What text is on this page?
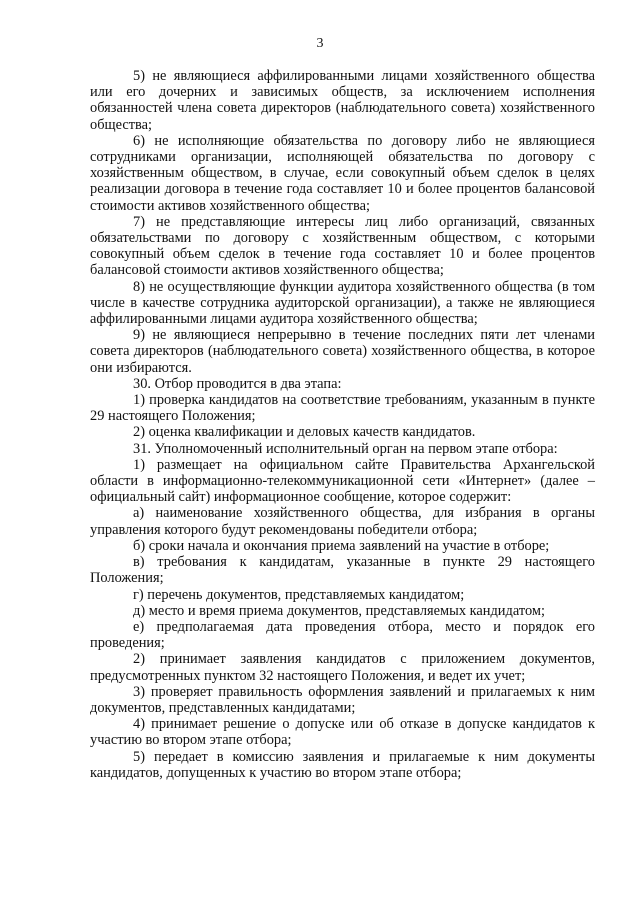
3

5) не являющиеся аффилированными лицами хозяйственного общества или его дочерних и зависимых обществ, за исключением исполнения обязанностей члена совета директоров (наблюдательного совета) хозяйственного общества;

6) не исполняющие обязательства по договору либо не являющиеся сотрудниками организации, исполняющей обязательства по договору с хозяйственным обществом, в случае, если совокупный объем сделок в целях реализации договора в течение года составляет 10 и более процентов балансовой стоимости активов хозяйственного общества;

7) не представляющие интересы лиц либо организаций, связанных обязательствами по договору с хозяйственным обществом, с которыми совокупный объем сделок в течение года составляет 10 и более процентов балансовой стоимости активов хозяйственного общества;

8) не осуществляющие функции аудитора хозяйственного общества (в том числе в качестве сотрудника аудиторской организации), а также не являющиеся аффилированными лицами аудитора хозяйственного общества;

9) не являющиеся непрерывно в течение последних пяти лет членами совета директоров (наблюдательного совета) хозяйственного общества, в которое они избираются.

30. Отбор проводится в два этапа:

1) проверка кандидатов на соответствие требованиям, указанным в пункте 29 настоящего Положения;

2) оценка квалификации и деловых качеств кандидатов.

31. Уполномоченный исполнительный орган на первом этапе отбора:

1) размещает на официальном сайте Правительства Архангельской области в информационно-телекоммуникационной сети «Интернет» (далее – официальный сайт) информационное сообщение, которое содержит:

а) наименование хозяйственного общества, для избрания в органы управления которого будут рекомендованы победители отбора;

б) сроки начала и окончания приема заявлений на участие в отборе;

в) требования к кандидатам, указанные в пункте 29 настоящего Положения;

г) перечень документов, представляемых кандидатом;

д) место и время приема документов, представляемых кандидатом;

е) предполагаемая дата проведения отбора, место и порядок его проведения;

2) принимает заявления кандидатов с приложением документов, предусмотренных пунктом 32 настоящего Положения, и ведет их учет;

3) проверяет правильность оформления заявлений и прилагаемых к ним документов, представленных кандидатами;

4) принимает решение о допуске или об отказе в допуске кандидатов к участию во втором этапе отбора;

5) передает в комиссию заявления и прилагаемые к ним документы кандидатов, допущенных к участию во втором этапе отбора;
